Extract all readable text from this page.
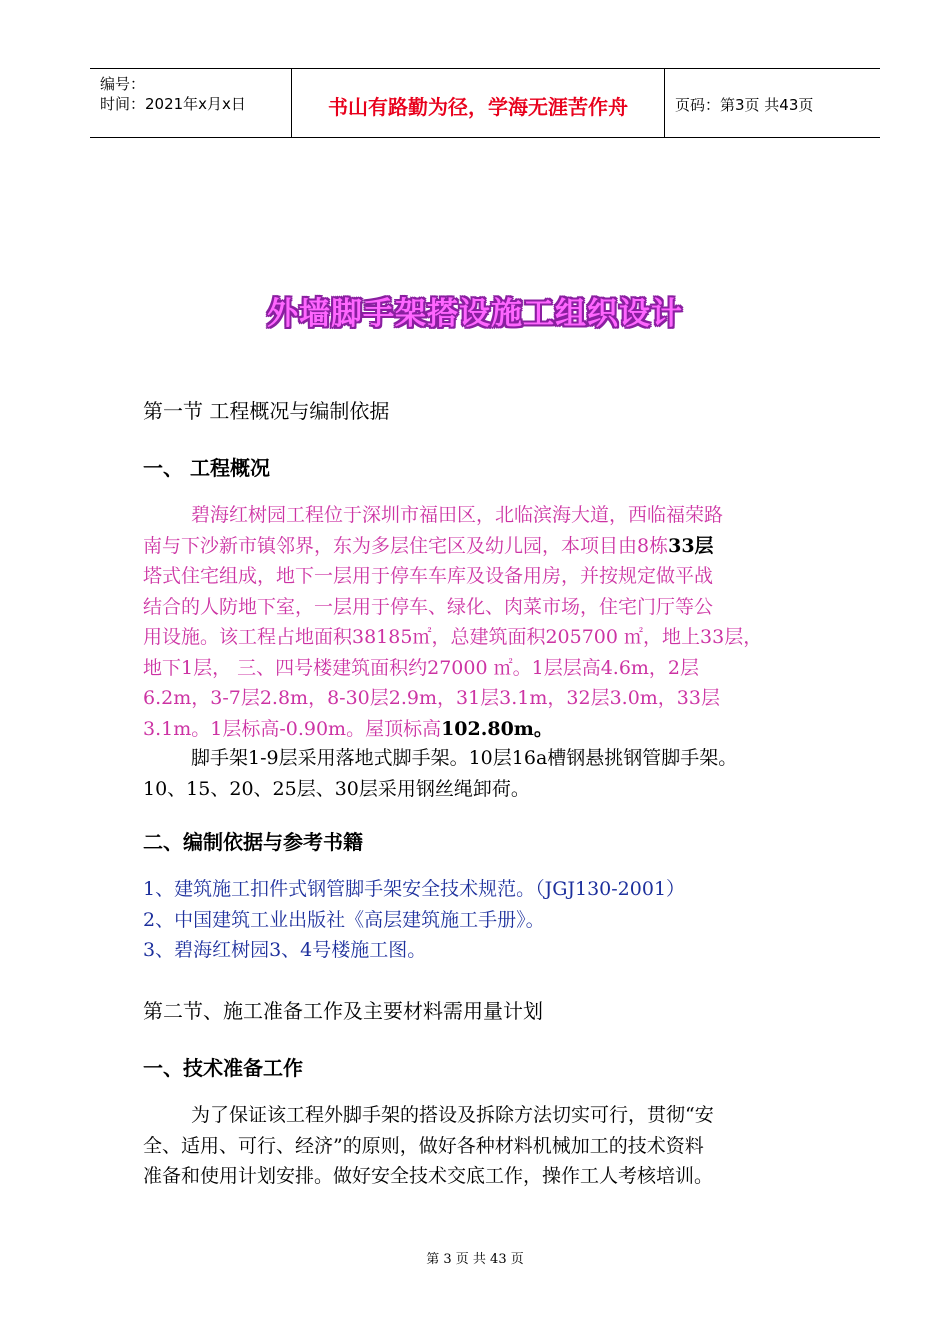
编号：
时间：2021年x月x日	书山有路勤为径，学海无涯苦作舟	页码：第3页 共43页
外墙脚手架搭设施工组织设计
第一节 工程概况与编制依据
一、 工程概况
碧海红树园工程位于深圳市福田区，北临滨海大道，西临福荣路
南与下沙新市镇邻界，东为多层住宅区及幼儿园，本项目由8栋33层
塔式住宅组成，地下一层用于停车车库及设备用房，并按规定做平战
结合的人防地下室，一层用于停车、绿化、肉菜市场，住宅门厅等公
用设施。该工程占地面积38185㎡，总建筑面积205700 ㎡，地上33层，
地下1层， 三、四号楼建筑面积约27000 ㎡。1层层高4.6m，2层
6.2m，3-7层2.8m，8-30层2.9m，31层3.1m，32层3.0m，33层
3.1m。1层标高-0.90m。屋顶标高102.80m。
脚手架1-9层采用落地式脚手架。10层16a槽钢悬挑钢管脚手架。
10、15、20、25层、30层采用钢丝绳卸荷。
二、编制依据与参考书籍
1、建筑施工扣件式钢管脚手架安全技术规范。（JGJ130-2001）
2、中国建筑工业出版社《高层建筑施工手册》。
3、碧海红树园3、4号楼施工图。
第二节、施工准备工作及主要材料需用量计划
一、技术准备工作
为了保证该工程外脚手架的搭设及拆除方法切实可行，贯彻“安
全、适用、可行、经济”的原则，做好各种材料机械加工的技术资料
准备和使用计划安排。做好安全技术交底工作，操作工人考核培训。
第 3 页 共 43 页
